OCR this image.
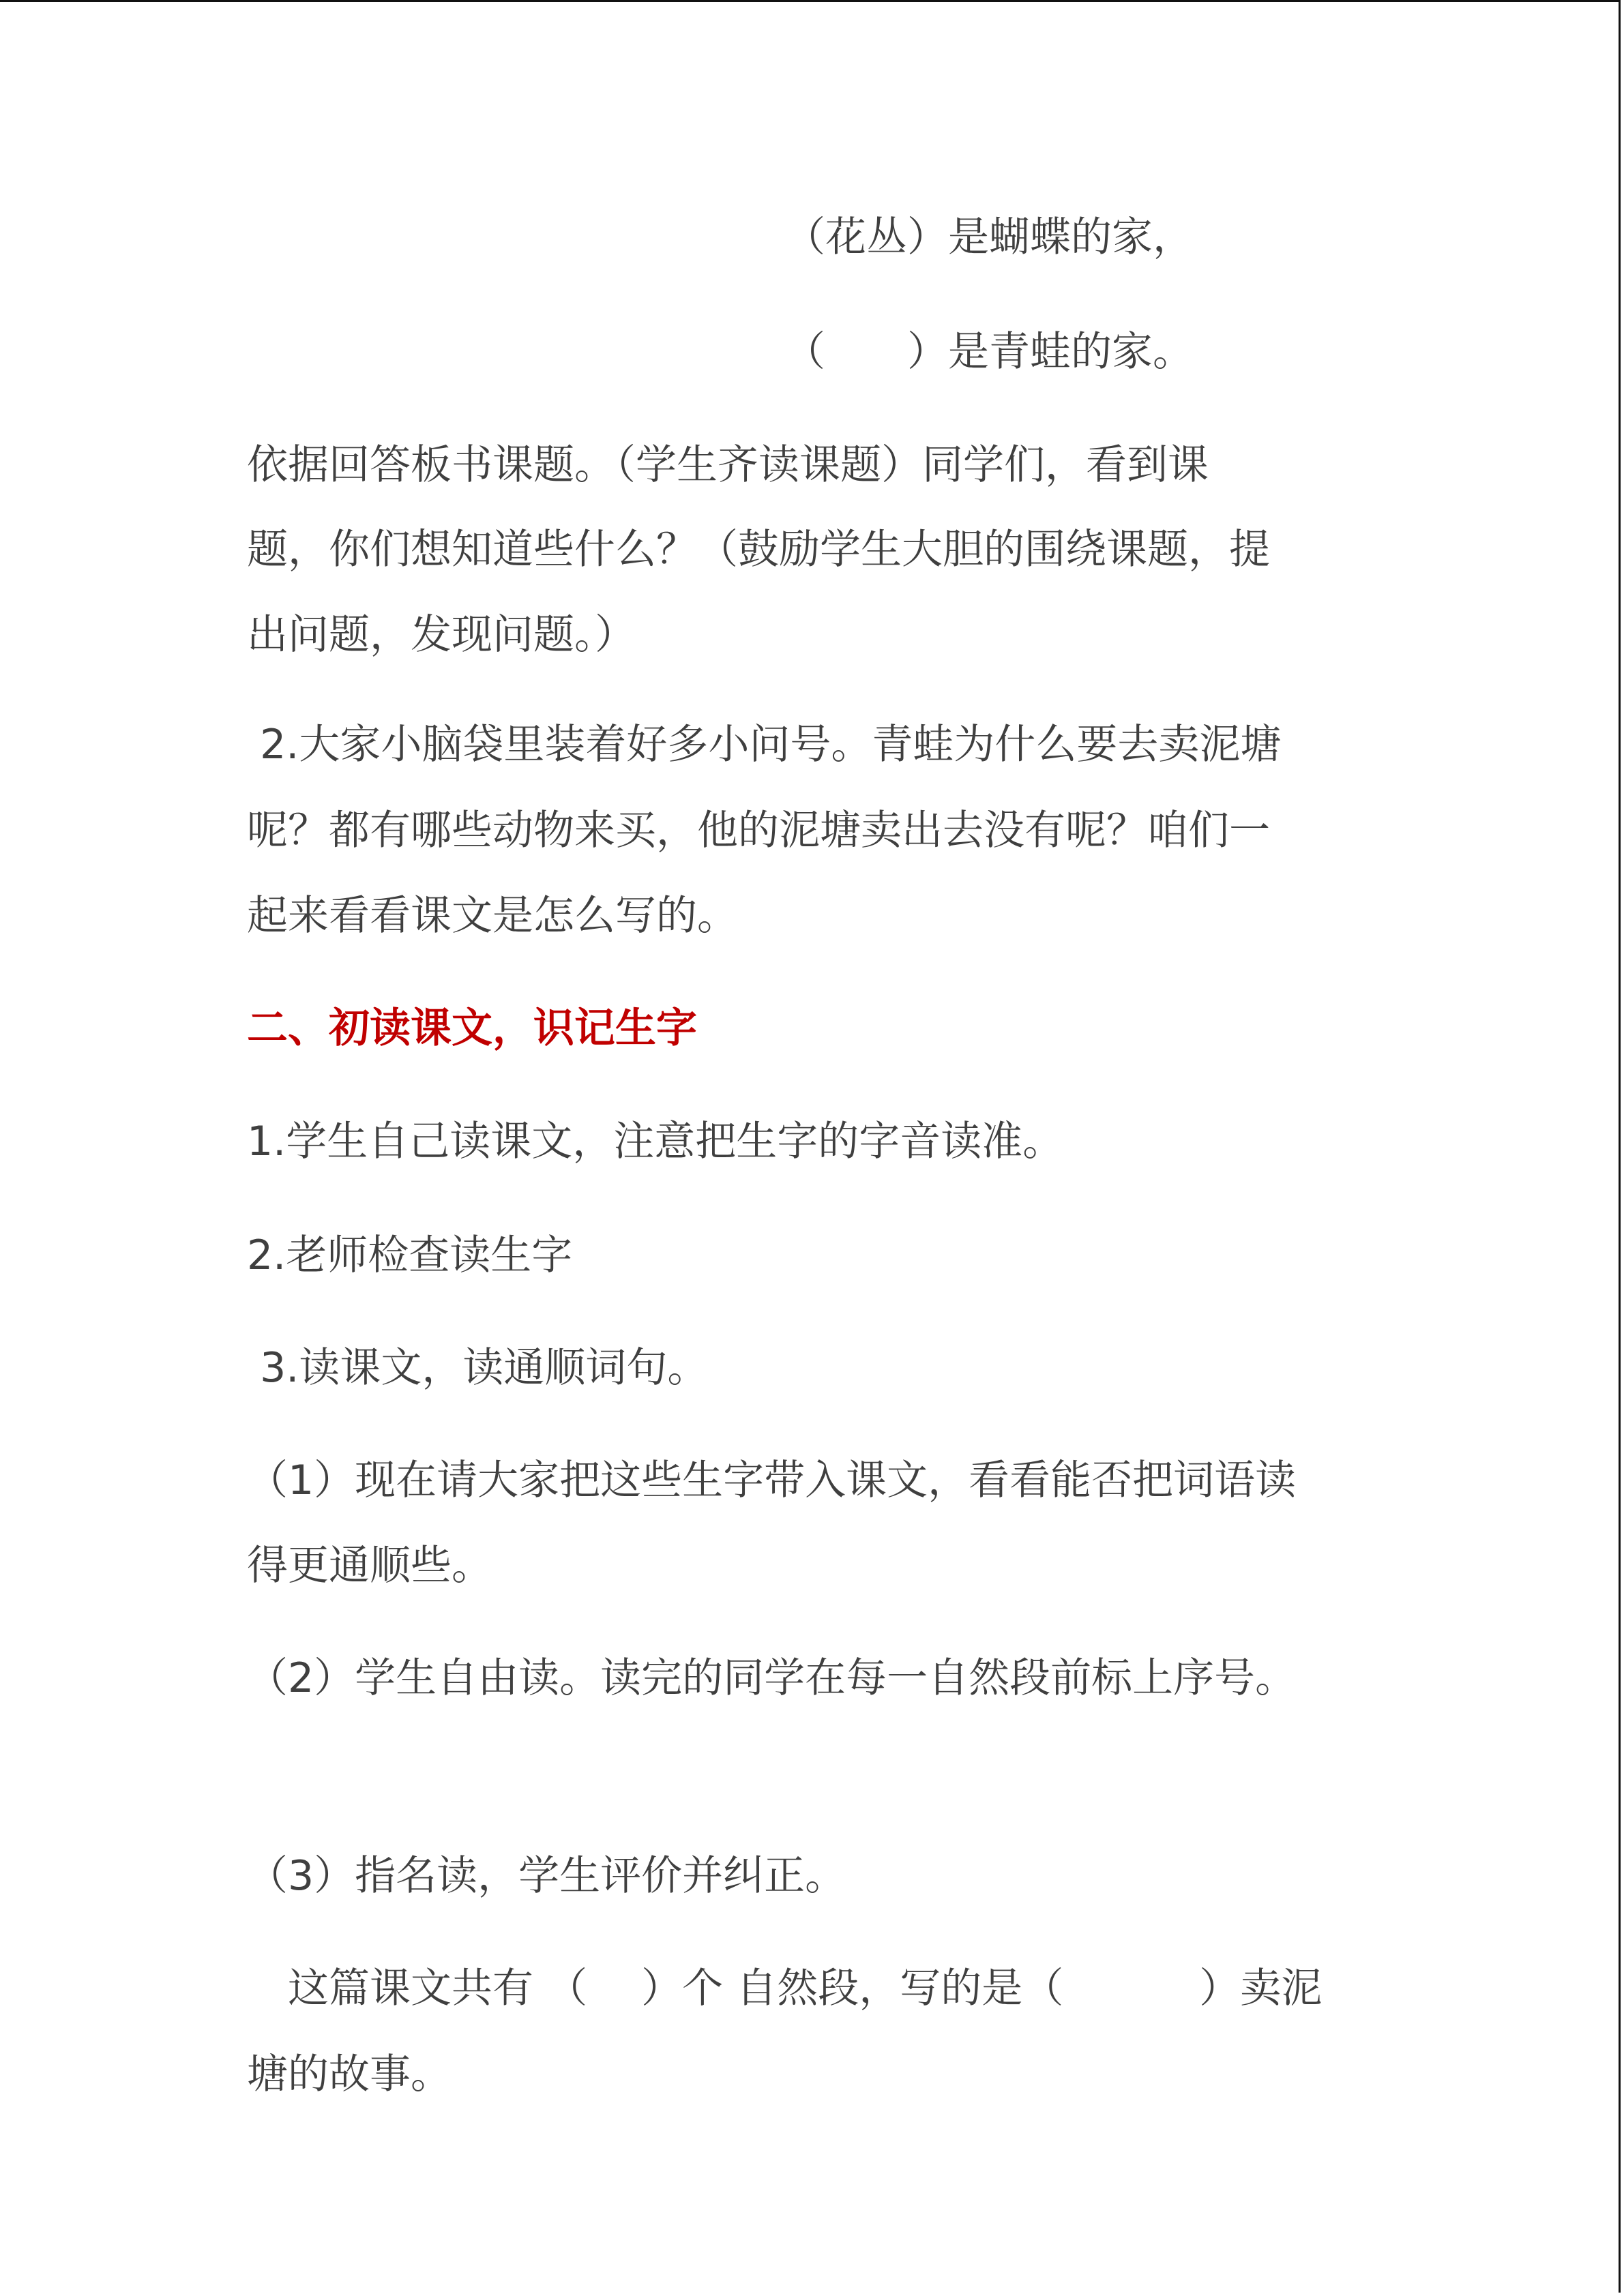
（花丛）是蝴蝶的家，
（　　）是青蛙的家。
依据回答板书课题。（学生齐读课题）同学们，看到课
题，你们想知道些什么？（鼓励学生大胆的围绕课题，提
出问题，发现问题。）
2.大家小脑袋里装着好多小问号。青蛙为什么要去卖泥塘
呢？都有哪些动物来买，他的泥塘卖出去没有呢？咱们一
起来看看课文是怎么写的。
二、初读课文，识记生字
1.学生自己读课文，注意把生字的字音读准。
2.老师检查读生字
3.读课文，读通顺词句。
（1）现在请大家把这些生字带入课文，看看能否把词语读
得更通顺些。
（2）学生自由读。读完的同学在每一自然段前标上序号。
（3）指名读，学生评价并纠正。
　这篇课文共有 （　 ）个 自然段，写的是（　　　 ）卖泥
塘的故事。
